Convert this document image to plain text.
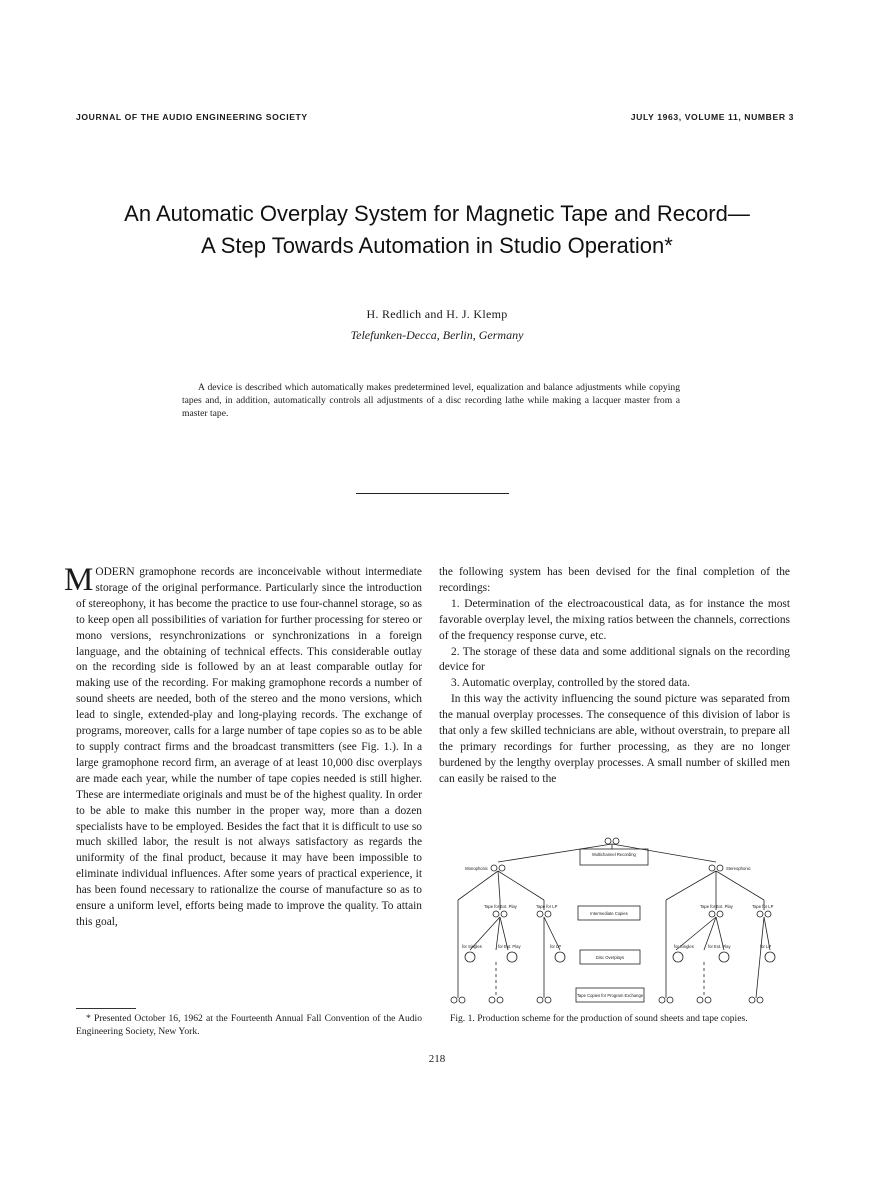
JOURNAL OF THE AUDIO ENGINEERING SOCIETY	JULY 1963, VOLUME 11, NUMBER 3
An Automatic Overplay System for Magnetic Tape and Record—
A Step Towards Automation in Studio Operation*
H. Redlich and H. J. Klemp
Telefunken-Decca, Berlin, Germany
A device is described which automatically makes predetermined level, equalization and balance adjustments while copying tapes and, in addition, automatically controls all adjustments of a disc recording lathe while making a lacquer master from a master tape.

MODERN gramophone records are inconceivable without intermediate storage of the original performance. Particularly since the introduction of stereophony, it has become the practice to use four-channel storage, so as to keep open all possibilities of variation for further processing for stereo or mono versions, resynchronizations or synchronizations in a foreign language, and the obtaining of technical effects. This considerable outlay on the recording side is followed by an at least comparable outlay for making use of the recording. For making gramophone records a number of sound sheets are needed, both of the stereo and the mono versions, which lead to single, extended-play and long-playing records. The exchange of programs, moreover, calls for a large number of tape copies so as to be able to supply contract firms and the broadcast transmitters (see Fig. 1.). In a large gramophone record firm, an average of at least 10,000 disc overplays are made each year, while the number of tape copies needed is still higher. These are intermediate originals and must be of the highest quality. In order to be able to make this number in the proper way, more than a dozen specialists have to be employed. Besides the fact that it is difficult to use so much skilled labor, the result is not always satisfactory as regards the uniformity of the final product, because it may have been impossible to eliminate individual influences. After some years of practical experience, it has been found necessary to rationalize the course of manufacture so as to ensure a uniform level, efforts being made to improve the quality. To attain this goal,

the following system has been devised for the final completion of the recordings:

1. Determination of the electroacoustical data, as for instance the most favorable overplay level, the mixing ratios between the channels, corrections of the frequency response curve, etc.

2. The storage of these data and some additional signals on the recording device for

3. Automatic overplay, controlled by the stored data.

In this way the activity influencing the sound picture was separated from the manual overplay processes. The consequence of this division of labor is that only a few skilled technicians are able, without overstrain, to prepare all the primary recordings for further processing, as they are no longer burdened by the lengthy overplay processes. A small number of skilled men can easily be raised to the

Multichannel Recording
Monophonic	Stereophonic
Tape for Ext. Play	Tape for LP	Tape for Ext. Play	Tape for LP
Intermediate Copies
for Singles	for Ext. Play	for LP	for Singles	for Ext. Play	for LP
Disc Overplays
Tape Copies for Program Exchange
* Presented October 16, 1962 at the Fourteenth Annual Fall Convention of the Audio Engineering Society, New York.
Fig. 1. Production scheme for the production of sound sheets and tape copies.
218
